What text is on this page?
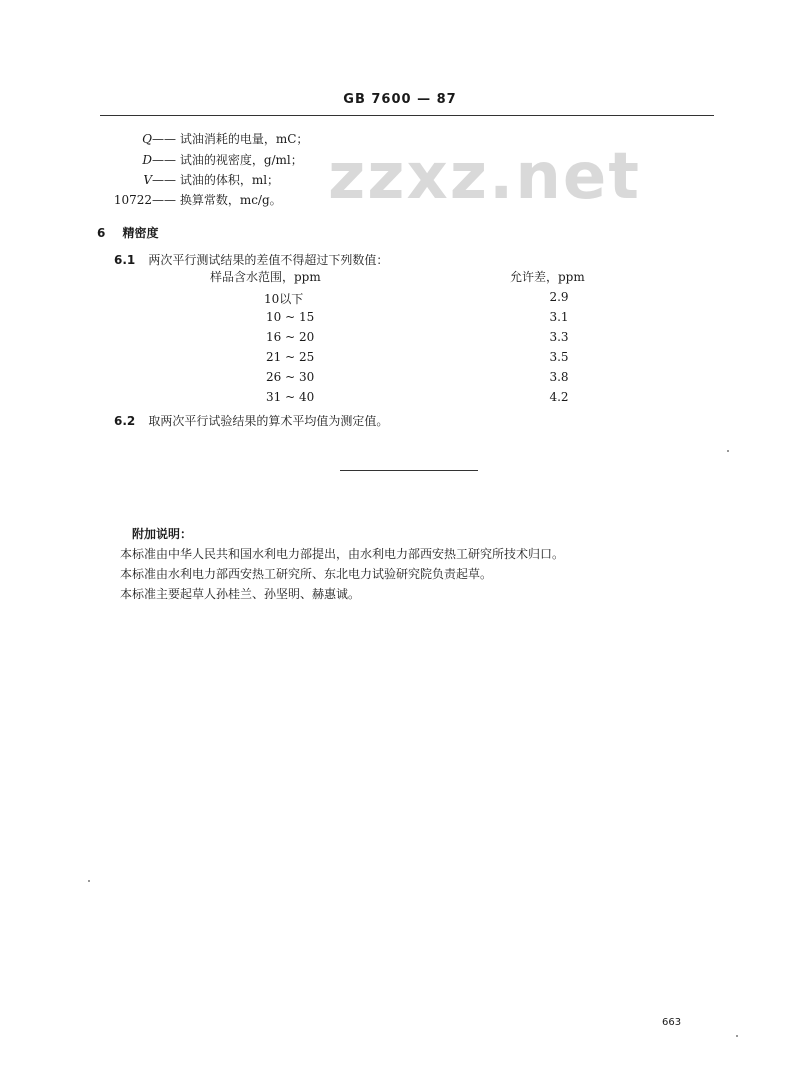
GB 7600 — 87
zzxz.net
Q—— 试油消耗的电量，mC；
D—— 试油的视密度，g/ml；
V—— 试油的体积，ml；
10722—— 换算常数，mc/g。
6 精密度
6.1 两次平行测试结果的差值不得超过下列数值：
样品含水范围，ppm	允许差，ppm
10以下	2.9
10 ~ 15	3.1
16 ~ 20	3.3
21 ~ 25	3.5
26 ~ 30	3.8
31 ~ 40	4.2
6.2 取两次平行试验结果的算术平均值为测定值。
附加说明：
本标准由中华人民共和国水利电力部提出，由水利电力部西安热工研究所技术归口。
本标准由水利电力部西安热工研究所、东北电力试验研究院负责起草。
本标准主要起草人孙桂兰、孙坚明、赫惠诚。
663
